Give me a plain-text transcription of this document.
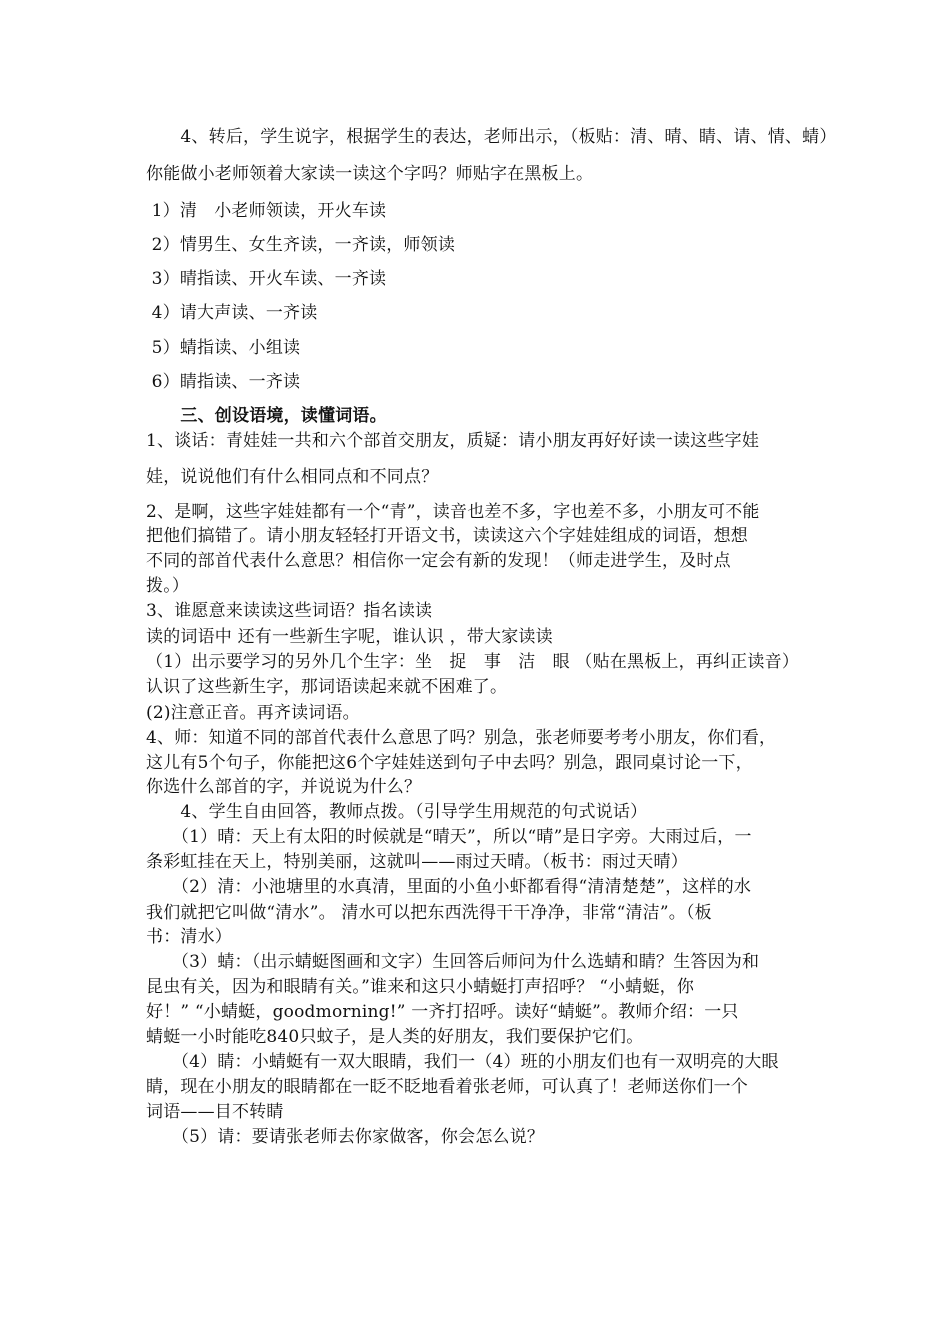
　　4、转后，学生说字，根据学生的表达，老师出示，（板贴：清、晴、睛、请、情、蜻）
你能做小老师领着大家读一读这个字吗？师贴字在黑板上。
1）清　小老师领读，开火车读
2）情男生、女生齐读，一齐读，师领读
3）晴指读、开火车读、一齐读
4）请大声读、一齐读
5）蜻指读、小组读
6）睛指读、一齐读
　　三、创设语境，读懂词语。
1、谈话：青娃娃一共和六个部首交朋友，质疑：请小朋友再好好读一读这些字娃
娃，说说他们有什么相同点和不同点？
2、是啊，这些字娃娃都有一个“青”，读音也差不多，字也差不多，小朋友可不能
把他们搞错了。请小朋友轻轻打开语文书，读读这六个字娃娃组成的词语，想想
不同的部首代表什么意思？相信你一定会有新的发现！（师走进学生，及时点
拨。）
3、谁愿意来读读这些词语？指名读读
读的词语中 还有一些新生字呢，谁认识 ，带大家读读
（1）出示要学习的另外几个生字：坐　捉　事　洁　眼 （贴在黑板上，再纠正读音）
认识了这些新生字，那词语读起来就不困难了。
(2)注意正音。再齐读词语。
4、师：知道不同的部首代表什么意思了吗？别急，张老师要考考小朋友，你们看，
这儿有5个句子，你能把这6个字娃娃送到句子中去吗？别急，跟同桌讨论一下，
你选什么部首的字，并说说为什么？
　　4、学生自由回答，教师点拨。（引导学生用规范的句式说话）
　　（1）晴：天上有太阳的时候就是“晴天”，所以“晴”是日字旁。大雨过后，一
条彩虹挂在天上，特别美丽，这就叫——雨过天晴。（板书：雨过天晴）
　　（2）清：小池塘里的水真清，里面的小鱼小虾都看得“清清楚楚”，这样的水
我们就把它叫做“清水”。 清水可以把东西洗得干干净净，非常“清洁”。（板
书：清水）
　　（3）蜻：（出示蜻蜓图画和文字）生回答后师问为什么选蜻和睛？生答因为和
昆虫有关，因为和眼睛有关。”谁来和这只小蜻蜓打声招呼？ “小蜻蜓，你
好！” “小蜻蜓，goodmorning!” 一齐打招呼。读好“蜻蜓”。教师介绍：一只
蜻蜓一小时能吃840只蚊子，是人类的好朋友，我们要保护它们。
　　（4）睛：小蜻蜓有一双大眼睛，我们一（4）班的小朋友们也有一双明亮的大眼
睛，现在小朋友的眼睛都在一眨不眨地看着张老师，可认真了！老师送你们一个
词语——目不转睛
　　（5）请：要请张老师去你家做客，你会怎么说？
